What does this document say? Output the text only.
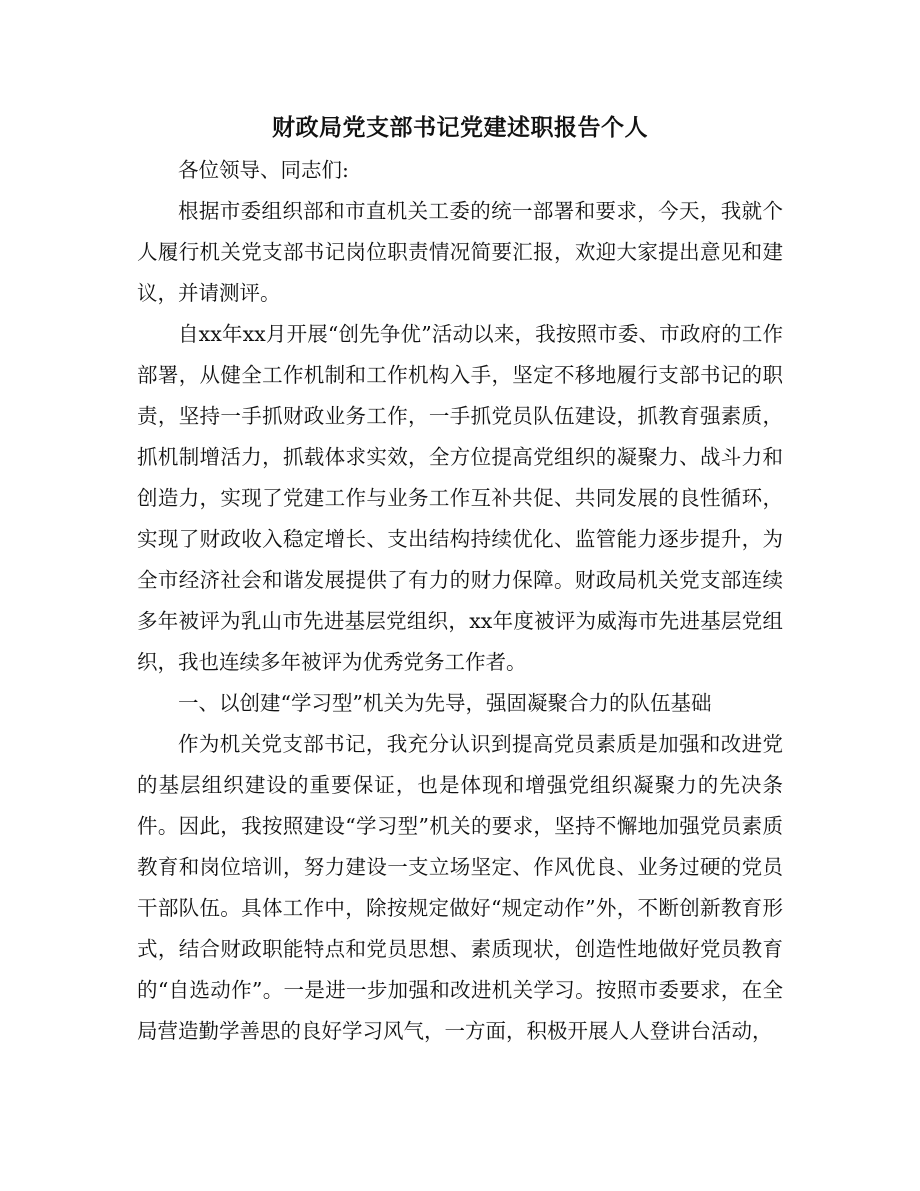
财政局党支部书记党建述职报告个人

各位领导、同志们:

根据市委组织部和市直机关工委的统一部署和要求，今天，我就个人履行机关党支部书记岗位职责情况简要汇报，欢迎大家提出意见和建议，并请测评。

自xx年xx月开展“创先争优”活动以来，我按照市委、市政府的工作部署，从健全工作机制和工作机构入手，坚定不移地履行支部书记的职责，坚持一手抓财政业务工作，一手抓党员队伍建设，抓教育强素质，抓机制增活力，抓载体求实效，全方位提高党组织的凝聚力、战斗力和创造力，实现了党建工作与业务工作互补共促、共同发展的良性循环，实现了财政收入稳定增长、支出结构持续优化、监管能力逐步提升，为全市经济社会和谐发展提供了有力的财力保障。财政局机关党支部连续多年被评为乳山市先进基层党组织，xx年度被评为威海市先进基层党组织，我也连续多年被评为优秀党务工作者。

一、以创建“学习型”机关为先导，强固凝聚合力的队伍基础

作为机关党支部书记，我充分认识到提高党员素质是加强和改进党的基层组织建设的重要保证，也是体现和增强党组织凝聚力的先决条件。因此，我按照建设“学习型”机关的要求，坚持不懈地加强党员素质教育和岗位培训，努力建设一支立场坚定、作风优良、业务过硬的党员干部队伍。具体工作中，除按规定做好“规定动作”外，不断创新教育形式，结合财政职能特点和党员思想、素质现状，创造性地做好党员教育的“自选动作”。一是进一步加强和改进机关学习。按照市委要求，在全局营造勤学善思的良好学习风气，一方面，积极开展人人登讲台活动，
